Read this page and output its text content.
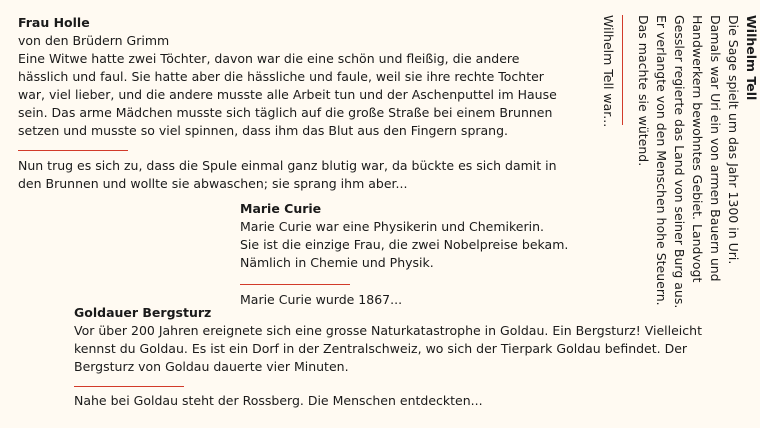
Frau Holle
von den Brüdern Grimm
Eine Witwe hatte zwei Töchter, davon war die eine schön und fleißig, die andere hässlich und faul. Sie hatte aber die hässliche und faule, weil sie ihre rechte Tochter war, viel lieber, und die andere musste alle Arbeit tun und der Aschenputtel im Hause sein. Das arme Mädchen musste sich täglich auf die große Straße bei einem Brunnen setzen und musste so viel spinnen, dass ihm das Blut aus den Fingern sprang.
Nun trug es sich zu, dass die Spule einmal ganz blutig war, da bückte es sich damit in den Brunnen und wollte sie abwaschen; sie sprang ihm aber...
Marie Curie
Marie Curie war eine Physikerin und Chemikerin.
Sie ist die einzige Frau, die zwei Nobelpreise bekam.
Nämlich in Chemie und Physik.
Marie Curie wurde 1867...
Goldauer Bergsturz
Vor über 200 Jahren ereignete sich eine grosse Naturkatastrophe in Goldau. Ein Bergsturz! Vielleicht kennst du Goldau. Es ist ein Dorf in der Zentralschweiz, wo sich der Tierpark Goldau befindet. Der Bergsturz von Goldau dauerte vier Minuten.
Nahe bei Goldau steht der Rossberg. Die Menschen entdeckten...
Wilhelm Tell
Die Sage spielt um das Jahr 1300 in Uri. Damals war Uri ein von armen Bauern und Handwerkern bewohntes Gebiet. Landvogt Gessler regierte das Land von seiner Burg aus. Er verlangte von den Menschen hohe Steuern. Das machte sie wütend.
Wilhelm Tell war...
